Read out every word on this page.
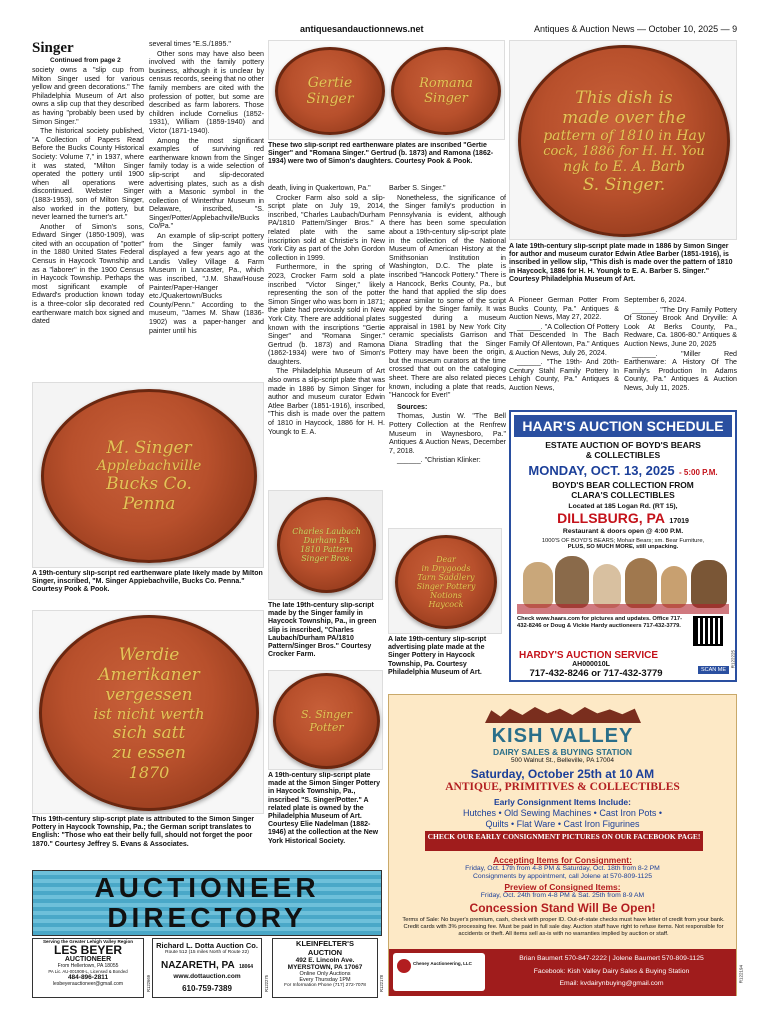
antiquesandauctionnews.net	Antiques & Auction News — October 10, 2025 — 9
Singer
Continued from page 2

society owns a "slip cup from Milton Singer used for various yellow and green decorations." The Philadelphia Museum of Art also owns a slip cup that they described as having "probably been used by Simon Singer."

The historical society published, "A Collection of Papers Read Before the Bucks County Historical Society: Volume 7," in 1937, where it was stated, "Milton Singer operated the pottery until 1900 when all operations were discontinued. Webster Singer (1883-1953), son of Milton Singer, also worked in the pottery, but never learned the turner's art."

Another of Simon's sons, Edward Singer (1850-1909), was cited with an occupation of "potter" in the 1880 United States Federal Census in Haycock Township and as a "laborer" in the 1900 Census in Haycock Township. Perhaps the most significant example of Edward's production known today is a three-color slip decorated red earthenware match box signed and dated

several times "E.S./1895."

Other sons may have also been involved with the family pottery business, although it is unclear by census records, seeing that no other family members are cited with the profession of potter, but some are described as farm laborers. Those children include Cornelius (1852-1931), William (1859-1940) and Victor (1871-1940).

Among the most significant examples of surviving red earthenware known from the Singer family today is a wide selection of slip-script and slip-decorated advertising plates, such as a dish with a Masonic symbol in the collection of Winterthur Museum in Delaware, inscribed, "S. Singer/Potter/Applebachville/Bucks Co/Pa."

An example of slip-script pottery from the Singer family was displayed a few years ago at the Landis Valley Village & Farm Museum in Lancaster, Pa., which was inscribed, "J.M. Shaw/House Painter/Paper-Hanger etc./Quakertown/Bucks County/Penn." According to the museum, "James M. Shaw (1836-1902) was a paper-hanger and painter until his

Gertie
Singer
Romana
Singer
These two slip-script red earthenware plates are inscribed "Gertie Singer" and "Romana Singer." Gertrud (b. 1873) and Ramona (1862-1934) were two of Simon's daughters. Courtesy Pook & Pook.

death, living in Quakertown, Pa."

Crocker Farm also sold a slip-script plate on July 19, 2014, inscribed, "Charles Laubach/Durham PA/1810 Pattern/Singer Bros." A related plate with the same inscription sold at Christie's in New York City as part of the John Gordon collection in 1999.

Furthermore, in the spring of 2023, Crocker Farm sold a plate inscribed "Victor Singer," likely representing the son of the potter Simon Singer who was born in 1871; the plate had previously sold in New York City. There are additional plates known with the inscriptions "Gertie Singer" and "Romana Singer." Gertrud (b. 1873) and Ramona (1862-1934) were two of Simon's daughters.

The Philadelphia Museum of Art also owns a slip-script plate that was made in 1886 by Simon Singer for author and museum curator Edwin Atlee Barber (1851-1916), inscribed, "This dish is made over the pattern of 1810 in Haycock, 1886 for H. H. Youngk to E. A.

Barber S. Singer."

Nonetheless, the significance of the Singer family's production in Pennsylvania is evident, although there has been some speculation about a 19th-century slip-script plate in the collection of the National Museum of American History at the Smithsonian Institution in Washington, D.C. The plate is inscribed "Hancock Pottery." There is a Hancock, Berks County, Pa., but the hand that applied the slip does appear similar to some of the script applied by the Singer family. It was suggested during a museum appraisal in 1981 by New York City ceramic specialists Garrison and Diana Stradling that the Singer Pottery may have been the origin, but the museum curators at the time crossed that out on the cataloging sheet. There are also related pieces known, including a plate that reads, "Hancock for Ever!"

Sources:

Thomas, Justin W. "The Bell Pottery Collection at the Renfrew Museum in Waynesboro, Pa." Antiques & Auction News, December 7, 2018.

______. "Christian Klinker:

This dish is
made over the
pattern of 1810 in Hay
cock, 1886 for H. H. You
ngk to E. A. Barb
S. Singer.
A late 19th-century slip-script plate made in 1886 by Simon Singer for author and museum curator Edwin Atlee Barber (1851-1916), is inscribed in yellow slip, "This dish is made over the pattern of 1810 in Haycock, 1886 for H. H. Youngk to E. A. Barber S. Singer." Courtesy Philadelphia Museum of Art.

A Pioneer German Potter From Bucks County, Pa." Antiques & Auction News, May 27, 2022.

______. "A Collection Of Pottery That Descended In The Bach Family Of Allentown, Pa." Antiques & Auction News, July 26, 2024.

______. "The 19th- And 20th-Century Stahl Family Pottery In Lehigh County, Pa." Antiques & Auction News,

September 6, 2024.

______. "The Dry Family Pottery Of Stoney Brook And Dryville: A Look At Berks County, Pa., Redware, Ca. 1806-80." Antiques & Auction News, June 20, 2025

______. "Miller Red Earthenware: A History Of The Family's Production In Adams County, Pa." Antiques & Auction News, July 11, 2025.

M. Singer
Applebachville
Bucks Co.
Penna
A 19th-century slip-script red earthenware plate likely made by Milton Singer, inscribed, "M. Singer Appiebachville, Bucks Co. Penna." Courtesy Pook & Pook.
Charles Laubach
Durham PA
1810 Pattern
Singer Bros.
The late 19th-century slip-script made by the Singer family in Haycock Township, Pa., in green slip is inscribed, "Charles Laubach/Durham PA/1810 Pattern/Singer Bros." Courtesy Crocker Farm.
Dear
in Drygoods
Tarn Saddlery
Singer Pottery
Notions
Haycock
A late 19th-century slip-script advertising plate made at the Singer Pottery in Haycock Township, Pa. Courtesy Philadelphia Museum of Art.
Werdie
Amerikaner
vergessen
ist nicht werth
sich satt
zu essen
1870
This 19th-century slip-script plate is attributed to the Simon Singer Pottery in Haycock Township, Pa.; the German script translates to English: "Those who eat their belly full, should not forget the poor 1870." Courtesy Jeffrey S. Evans & Associates.
S. Singer
Potter
A 19th-century slip-script plate made at the Simon Singer Pottery in Haycock Township, Pa., inscribed "S. Singer/Potter." A related plate is owned by the Philadelphia Museum of Art. Courtesy Elie Nadelman (1882-1946) at the collection at the New York Historical Society.
HAAR'S AUCTION SCHEDULE
ESTATE AUCTION OF BOYD'S BEARS
& COLLECTIBLES
MONDAY, OCT. 13, 2025 - 5:00 P.M.
BOYD'S BEAR COLLECTION FROM
CLARA'S COLLECTIBLES
Located at 185 Logan Rd. (RT 15),
DILLSBURG, PA 17019
Restaurant & doors open @ 4:00 P.M.
1000'S OF BOYD'S BEARS; Mohair Bears; sm. Bear Furniture,
PLUS, SO MUCH MORE, still unpacking.
Check www.haars.com for pictures and updates. Office 717-432-8246 or Doug & Vickie Hardy auctioneers 717-432-3779.
HARDY'S AUCTION SERVICE
AH000010L
717-432-8246 or 717-432-3779	SCAN ME
R122225
KISH VALLEY
DAIRY SALES & BUYING STATION
500 Walnut St., Belleville, PA 17004
Saturday, October 25th at 10 AM
ANTIQUE, PRIMITIVES & COLLECTIBLES
Early Consignment Items Include:
Hutches • Old Sewing Machines • Cast Iron Pots •
Quilts • Flat Ware • Cast Iron Figurines
CHECK OUR EARLY CONSIGNMENT PICTURES ON OUR FACEBOOK PAGE!
Accepting Items for Consignment:
Friday, Oct. 17th from 4-8 PM & Saturday, Oct. 18th from 8-2 PM
Consignments by appointment, call Jolene at 570-809-1125
Preview of Consigned Items:
Friday, Oct. 24th from 4-8 PM & Sat. 25th from 8-9 AM
Concession Stand Will Be Open!
Terms of Sale: No buyer's premium, cash, check with proper ID. Out-of-state checks must have letter of credit from your bank. Credit cards with 3% processing fee. Must be paid in full sale day. Auction staff have right to refuse items. Not responsible for accidents or theft. All items sell as-is with no warranties implied by auction or staff.
Cheney Auctioneering, LLC
Brian Baumert 570-847-2222 | Jolene Baumert 570-809-1125
Facebook: Kish Valley Dairy Sales & Buying Station
Email: kvdairynbuying@gmail.com
R122194
AUCTIONEER
DIRECTORY
Serving the Greater Lehigh Valley Region
LES BEYER
AUCTIONEER
From Hellertown, PA 18055
PA Lic. AU-001908-L, Licensed & Bonded
484-896-2811
lesbeyerauctioneer@gmail.com	R122669
Richard L. Dotta Auction Co.
Route 512 (15 miles North of Route 22)
NAZARETH, PA 18064
www.dottauction.com
610-759-7389	R122275
KLEINFELTER'S
AUCTION
492 E. Lincoln Ave.
MYERSTOWN, PA 17067
Online Only Auctions
Every Thursday 1PM
For Information Phone (717) 272-7078	R122178
